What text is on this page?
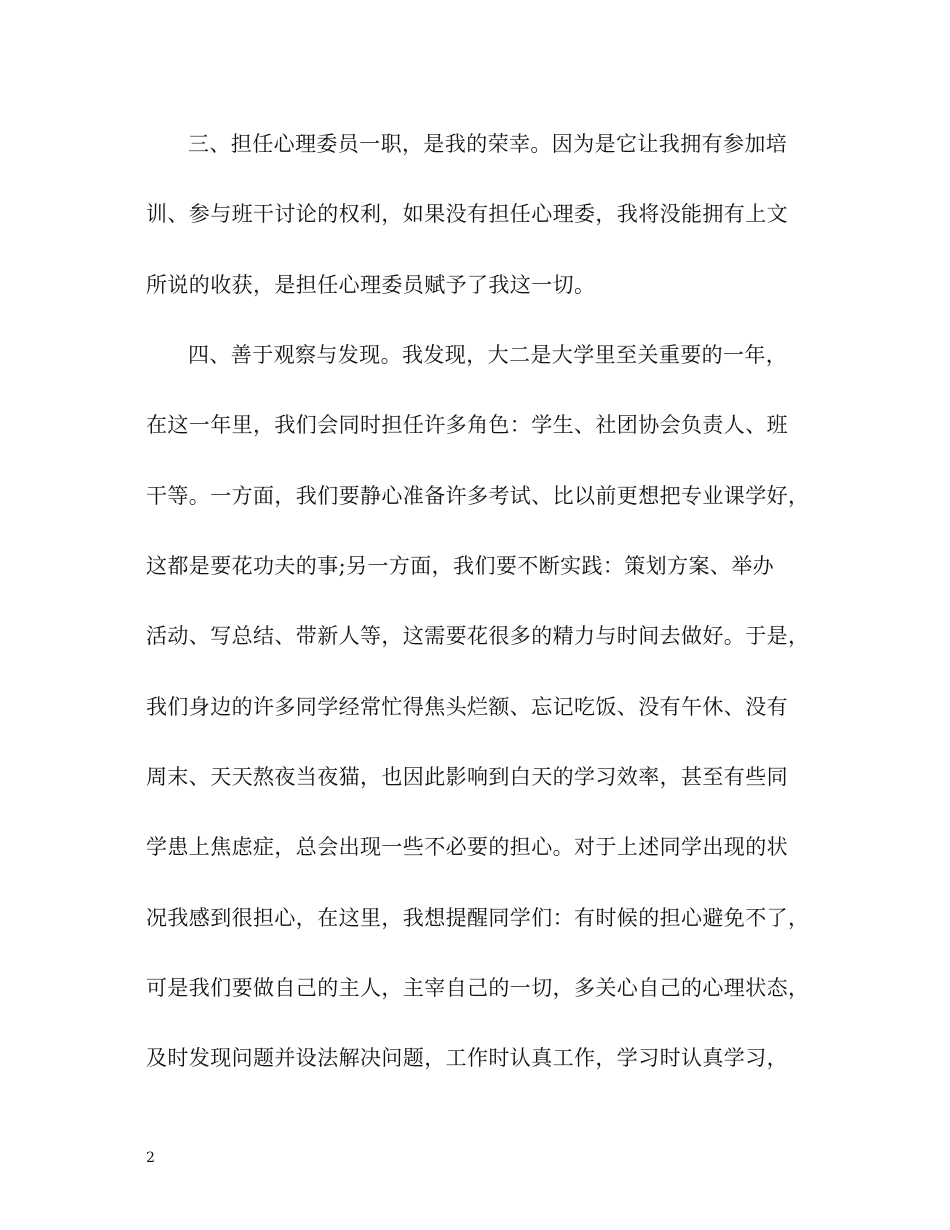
三、担任心理委员一职，是我的荣幸。因为是它让我拥有参加培
训、参与班干讨论的权利，如果没有担任心理委，我将没能拥有上文
所说的收获，是担任心理委员赋予了我这一切。
四、善于观察与发现。我发现，大二是大学里至关重要的一年，
在这一年里，我们会同时担任许多角色：学生、社团协会负责人、班
干等。一方面，我们要静心准备许多考试、比以前更想把专业课学好，
这都是要花功夫的事;另一方面，我们要不断实践：策划方案、举办
活动、写总结、带新人等，这需要花很多的精力与时间去做好。于是，
我们身边的许多同学经常忙得焦头烂额、忘记吃饭、没有午休、没有
周末、天天熬夜当夜猫，也因此影响到白天的学习效率，甚至有些同
学患上焦虑症，总会出现一些不必要的担心。对于上述同学出现的状
况我感到很担心，在这里，我想提醒同学们：有时候的担心避免不了，
可是我们要做自己的主人，主宰自己的一切，多关心自己的心理状态，
及时发现问题并设法解决问题，工作时认真工作，学习时认真学习，
2
